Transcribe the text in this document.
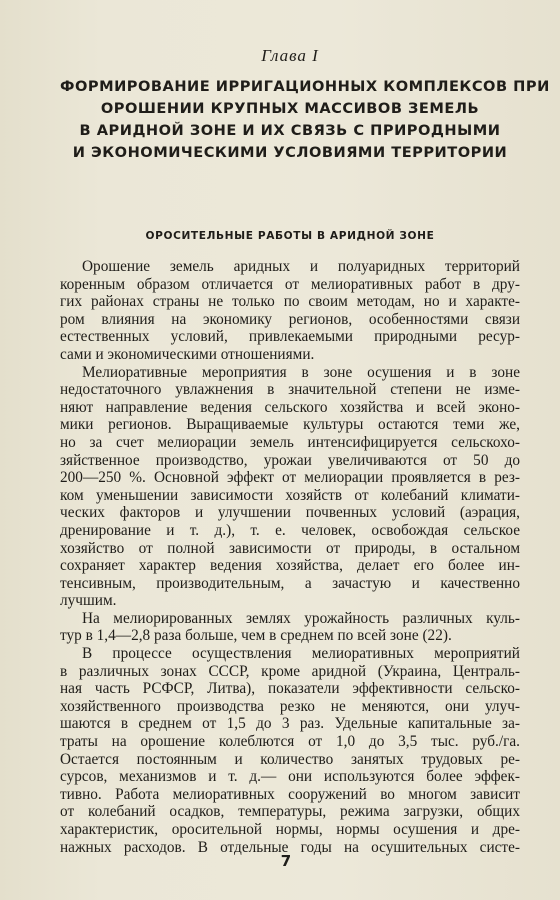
Глава I
ФОРМИРОВАНИЕ ИРРИГАЦИОННЫХ КОМПЛЕКСОВ ПРИ
ОРОШЕНИИ КРУПНЫХ МАССИВОВ ЗЕМЕЛЬ
В АРИДНОЙ ЗОНЕ И ИХ СВЯЗЬ С ПРИРОДНЫМИ
И ЭКОНОМИЧЕСКИМИ УСЛОВИЯМИ ТЕРРИТОРИИ
ОРОСИТЕЛЬНЫЕ РАБОТЫ В АРИДНОЙ ЗОНЕ

Орошение земель аридных и полуаридных территорий
коренным образом отличается от мелиоративных работ в дру-
гих районах страны не только по своим методам, но и характе-
ром влияния на экономику регионов, особенностями связи
естественных условий, привлекаемыми природными ресур-
сами и экономическими отношениями.

Мелиоративные мероприятия в зоне осушения и в зоне
недостаточного увлажнения в значительной степени не изме-
няют направление ведения сельского хозяйства и всей эконо-
мики регионов. Выращиваемые культуры остаются теми же,
но за счет мелиорации земель интенсифицируется сельскохо-
зяйственное производство, урожаи увеличиваются от 50 до
200—250 %. Основной эффект от мелиорации проявляется в рез-
ком уменьшении зависимости хозяйств от колебаний климати-
ческих факторов и улучшении почвенных условий (аэрация,
дренирование и т. д.), т. е. человек, освобождая сельское
хозяйство от полной зависимости от природы, в остальном
сохраняет характер ведения хозяйства, делает его более ин-
тенсивным, производительным, а зачастую и качественно
лучшим.

На мелиорированных землях урожайность различных куль-
тур в 1,4—2,8 раза больше, чем в среднем по всей зоне (22).

В процессе осуществления мелиоративных мероприятий
в различных зонах СССР, кроме аридной (Украина, Централь-
ная часть РСФСР, Литва), показатели эффективности сельско-
хозяйственного производства резко не меняются, они улуч-
шаются в среднем от 1,5 до 3 раз. Удельные капитальные за-
траты на орошение колеблются от 1,0 до 3,5 тыс. руб./га.
Остается постоянным и количество занятых трудовых ре-
сурсов, механизмов и т. д.— они используются более эффек-
тивно. Работа мелиоративных сооружений во многом зависит
от колебаний осадков, температуры, режима загрузки, общих
характеристик, оросительной нормы, нормы осушения и дре-
нажных расходов. В отдельные годы на осушительных систе-

7
